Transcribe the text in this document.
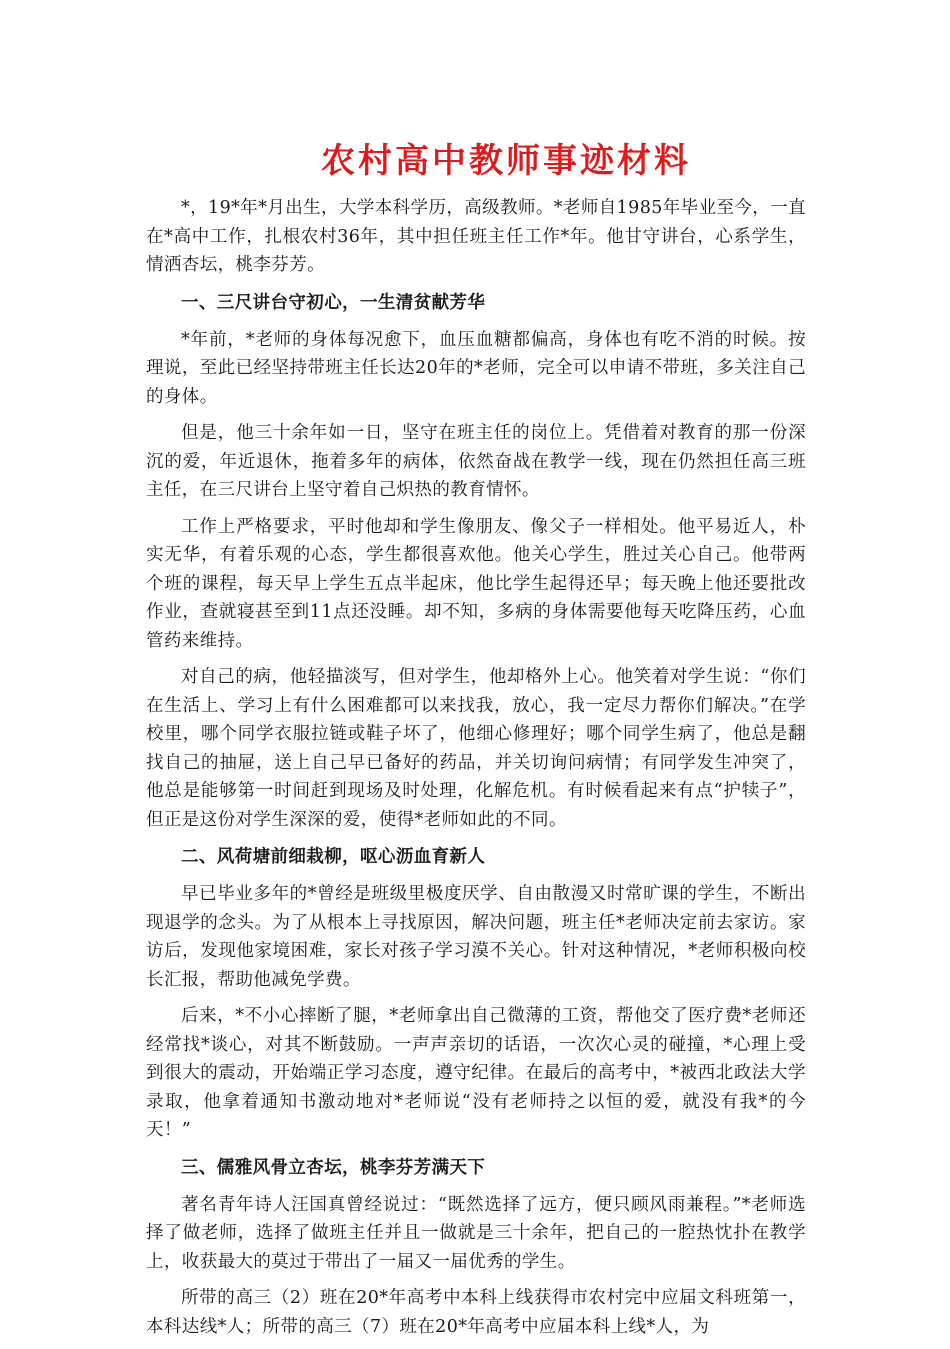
农村高中教师事迹材料

*，19*年*月出生，大学本科学历，高级教师。*老师自1985年毕业至今，一直在*高中工作，扎根农村36年，其中担任班主任工作*年。他甘守讲台，心系学生，情洒杏坛，桃李芬芳。

一、三尺讲台守初心，一生清贫献芳华

*年前，*老师的身体每况愈下，血压血糖都偏高，身体也有吃不消的时候。按理说，至此已经坚持带班主任长达20年的*老师，完全可以申请不带班，多关注自己的身体。

但是，他三十余年如一日，坚守在班主任的岗位上。凭借着对教育的那一份深沉的爱，年近退休，拖着多年的病体，依然奋战在教学一线，现在仍然担任高三班主任，在三尺讲台上坚守着自己炽热的教育情怀。

工作上严格要求，平时他却和学生像朋友、像父子一样相处。他平易近人，朴实无华，有着乐观的心态，学生都很喜欢他。他关心学生，胜过关心自己。他带两个班的课程，每天早上学生五点半起床，他比学生起得还早；每天晚上他还要批改作业，查就寝甚至到11点还没睡。却不知，多病的身体需要他每天吃降压药，心血管药来维持。

对自己的病，他轻描淡写，但对学生，他却格外上心。他笑着对学生说：“你们在生活上、学习上有什么困难都可以来找我，放心，我一定尽力帮你们解决。”在学校里，哪个同学衣服拉链或鞋子坏了，他细心修理好；哪个同学生病了，他总是翻找自己的抽屉，送上自己早已备好的药品，并关切询问病情；有同学发生冲突了，他总是能够第一时间赶到现场及时处理，化解危机。有时候看起来有点“护犊子”，但正是这份对学生深深的爱，使得*老师如此的不同。

二、风荷塘前细栽柳，呕心沥血育新人

早已毕业多年的*曾经是班级里极度厌学、自由散漫又时常旷课的学生，不断出现退学的念头。为了从根本上寻找原因，解决问题，班主任*老师决定前去家访。家访后，发现他家境困难，家长对孩子学习漠不关心。针对这种情况，*老师积极向校长汇报，帮助他减免学费。

后来，*不小心摔断了腿，*老师拿出自己微薄的工资，帮他交了医疗费*老师还经常找*谈心，对其不断鼓励。一声声亲切的话语，一次次心灵的碰撞，*心理上受到很大的震动，开始端正学习态度，遵守纪律。在最后的高考中，*被西北政法大学录取，他拿着通知书激动地对*老师说“没有老师持之以恒的爱，就没有我*的今天！”

三、儒雅风骨立杏坛，桃李芬芳满天下

著名青年诗人汪国真曾经说过：“既然选择了远方，便只顾风雨兼程。”*老师选择了做老师，选择了做班主任并且一做就是三十余年，把自己的一腔热忱扑在教学上，收获最大的莫过于带出了一届又一届优秀的学生。

所带的高三（2）班在20*年高考中本科上线获得市农村完中应届文科班第一，本科达线*人；所带的高三（7）班在20*年高考中应届本科上线*人，为
